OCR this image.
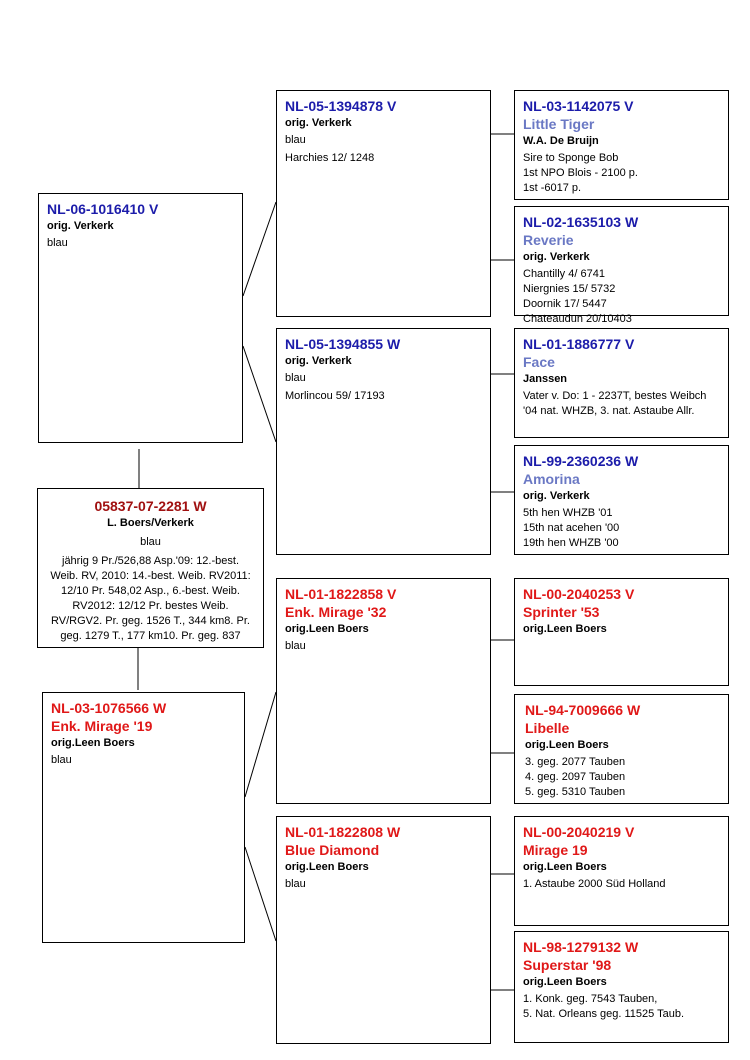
NL-06-1016410 V
orig. Verkerk
blau
05837-07-2281 W
L. Boers/Verkerk
blau
jährig 9 Pr./526,88 Asp.'09: 12.-best. Weib. RV, 2010: 14.-best. Weib. RV2011: 12/10 Pr. 548,02 Asp., 6.-best. Weib. RV2012: 12/12 Pr. bestes Weib. RV/RGV2. Pr. geg. 1526 T., 344 km8. Pr. geg. 1279 T., 177 km10. Pr. geg. 837
NL-03-1076566 W
Enk. Mirage '19
orig.Leen Boers
blau
NL-05-1394878 V
orig. Verkerk
blau
Harchies 12/ 1248
NL-05-1394855 W
orig. Verkerk
blau
Morlincou 59/ 17193
NL-01-1822858 V
Enk. Mirage '32
orig.Leen Boers
blau
NL-01-1822808 W
Blue Diamond
orig.Leen Boers
blau
NL-03-1142075 V
Little Tiger
W.A. De Bruijn
Sire to Sponge Bob
1st NPO Blois - 2100 p.
1st -6017 p.
NL-02-1635103 W
Reverie
orig. Verkerk
Chantilly 4/ 6741
Niergnies 15/ 5732
Doornik 17/ 5447
Chateaudun 20/10403
NL-01-1886777 V
Face
Janssen
Vater v. Do: 1 - 2237T, bestes Weibch '04 nat. WHZB, 3. nat. Astaube Allr.
NL-99-2360236 W
Amorina
orig. Verkerk
5th hen WHZB '01
15th nat acehen '00
19th hen WHZB '00
NL-00-2040253 V
Sprinter '53
orig.Leen Boers
NL-94-7009666 W
Libelle
orig.Leen Boers
3. geg. 2077 Tauben
4. geg. 2097 Tauben
5. geg. 5310 Tauben
NL-00-2040219 V
Mirage 19
orig.Leen Boers
1. Astaube 2000 Süd Holland
NL-98-1279132 W
Superstar '98
orig.Leen Boers
1. Konk. geg. 7543 Tauben,
5. Nat. Orleans geg. 11525 Taub.
